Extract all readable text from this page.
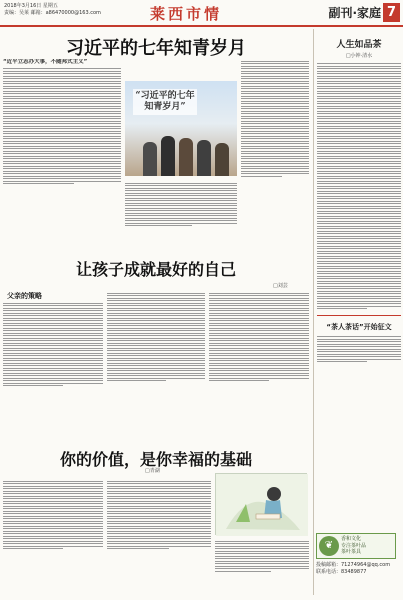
2018年3月16日 星期五
责编：吴莱 邮箱：a86470000@163.com	莱西市情	副刊·家庭 7
习近平的七年知青岁月
“近平立志办大事，不随邦式主义”
“习近平的七年知青岁月”
让孩子成就最好的自己
父亲的策略
□刘芸
你的价值，是你幸福的基础
□青湖
人生如品茶
□小钟·清水
“茶人茶话”开始征文
❦
香和文化
专注茶叶品
茶叶茶具
投稿邮箱：71274964@qq.com
联系电话：83489877
